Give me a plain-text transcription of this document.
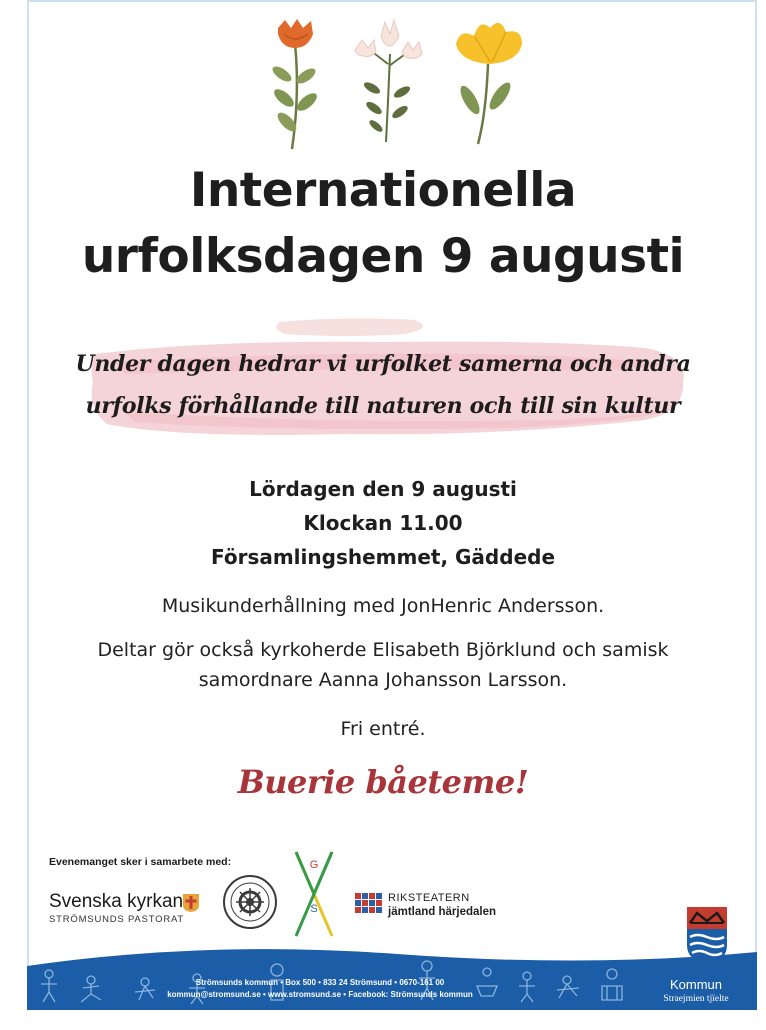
Internationella
urfolksdagen 9 augusti
Under dagen hedrar vi urfolket samerna och andra
urfolks förhållande till naturen och till sin kultur
Lördagen den 9 augusti
Klockan 11.00
Församlingshemmet, Gäddede
Musikunderhållning med JonHenric Andersson.
Deltar gör också kyrkoherde Elisabeth Björklund och samisk
samordnare Aanna Johansson Larsson.
Fri entré.
Buerie båeteme!
Evenemanget sker i samarbete med:
Svenska kyrkan
STRÖMSUNDS PASTORAT
G
S
RIKSTEATERN
jämtland härjedalen
Strömsunds kommun • Box 500 • 833 24 Strömsund • 0670-161 00
kommun@stromsund.se • www.stromsund.se • Facebook: Strömsunds kommun
Strömsunds
Kommun
Straejmien tjïelte
